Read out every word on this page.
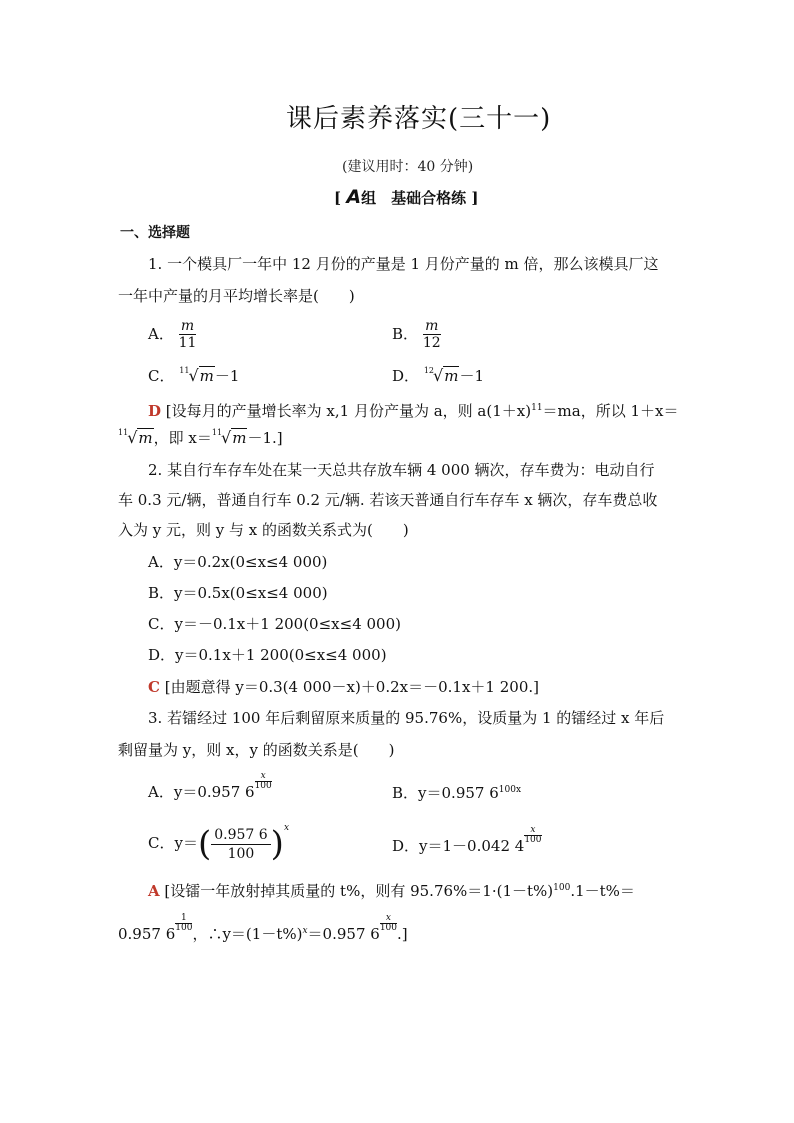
课后素养落实(三十一)
(建议用时：40 分钟)
[ A组　基础合格练 ]
一、选择题
1. 一个模具厂一年中 12 月份的产量是 1 月份产量的 m 倍，那么该模具厂这
一年中产量的月平均增长率是(　　)
A． $\frac{m}{11}$	B． $\frac{m}{12}$
C． $^{11}$√m－1	D． $^{12}$√m－1
D [设每月的产量增长率为 x,1 月份产量为 a，则 $a(1+x)^{11}=ma$，所以 1＋x＝
$^{11}$√m，即 x＝$^{11}$√m－1.]
2. 某自行车存车处在某一天总共存放车辆 4 000 辆次，存车费为：电动自行
车 0.3 元/辆，普通自行车 0.2 元/辆. 若该天普通自行车存车 x 辆次，存车费总收
入为 y 元，则 y 与 x 的函数关系式为(　　)
A．y＝0.2x(0≤x≤4 000)
B．y＝0.5x(0≤x≤4 000)
C．y＝－0.1x＋1 200(0≤x≤4 000)
D．y＝0.1x＋1 200(0≤x≤4 000)
C [由题意得 y＝0.3(4 000－x)＋0.2x＝－0.1x＋1 200.]
3. 若镭经过 100 年后剩留原来质量的 95.76%，设质量为 1 的镭经过 x 年后
剩留量为 y，则 x，y 的函数关系是(　　)
A．y＝0.957 6
$\frac{x}{100}$
B．y＝0.957 $6^{100x}$
C．$y=( \frac{0.957 6}{100} )^x$
D．y＝1－0.042 4
$\frac{x}{100}$
A [设镭一年放射掉其质量的 t%，则有 $95.76\%=1\cdot(1-t\%)^{100}.1-t\%=$
0.957 6
$\frac{1}{100}$
，$\therefore y=(1-t\%)^x=0.957$ 6
$\frac{x}{100}$
.]
